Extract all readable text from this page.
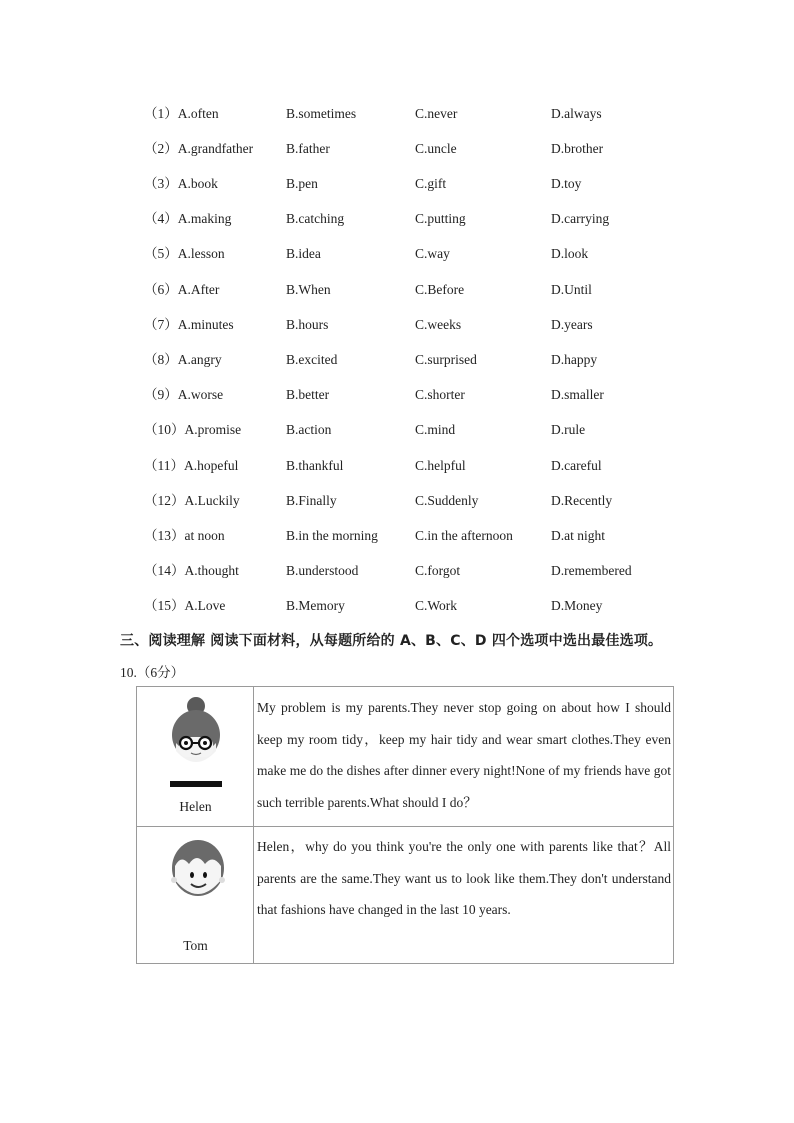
（1）A.often	B.sometimes	C.never	D.always
（2）A.grandfather B.father	C.uncle	D.brother
（3）A.book	B.pen	C.gift	D.toy
（4）A.making	B.catching	C.putting	D.carrying
（5）A.lesson	B.idea	C.way	D.look
（6）A.After	B.When	C.Before	D.Until
（7）A.minutes	B.hours	C.weeks	D.years
（8）A.angry	B.excited	C.surprised	D.happy
（9）A.worse	B.better	C.shorter	D.smaller
（10）A.promise	B.action	C.mind	D.rule
（11）A.hopeful	B.thankful	C.helpful	D.careful
（12）A.Luckily	B.Finally	C.Suddenly	D.Recently
（13）at noon	B.in the morning	C.in the afternoon	D.at night
（14）A.thought	B.understood	C.forgot	D.remembered
（15）A.Love	B.Memory	C.Work	D.Money
三、阅读理解 阅读下面材料，从每题所给的 A、B、C、D 四个选项中选出最佳选项。
10.（6分）
Helen
My problem is my parents.They never stop going on about how I should keep my room tidy，keep my hair tidy and wear smart clothes.They even make me do the dishes after dinner every night!None of my friends have got such terrible parents.What should I do？
Tom
Helen，why do you think you're the only one with parents like that？All parents are the same.They want us to look like them.They don't understand that fashions have changed in the last 10 years.
